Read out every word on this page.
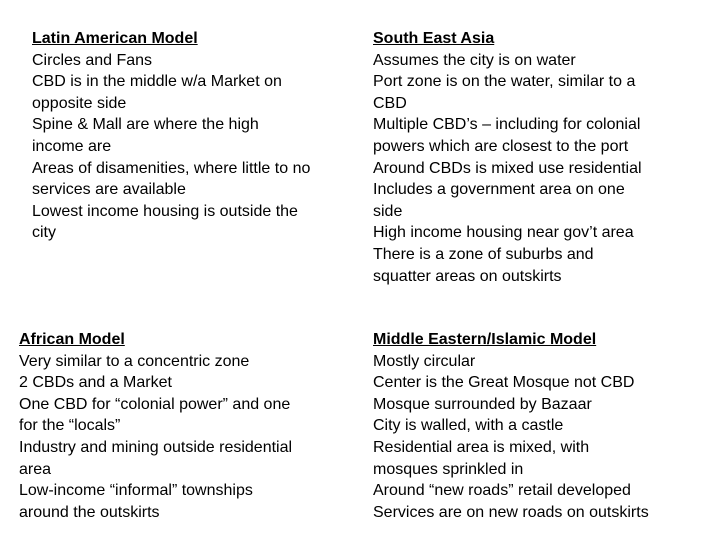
Latin American Model
Circles and Fans
CBD is in the middle w/a Market on
opposite side
Spine & Mall are where the high
income are
Areas of disamenities, where little to no
services are available
Lowest income housing is outside the
city
South East Asia
Assumes the city is on water
Port zone is on the water, similar to a
CBD
Multiple CBD’s – including for colonial
powers which are closest to the port
Around CBDs is mixed use residential
Includes a government area on one
side
High income housing near gov’t area
There is a zone of suburbs and
squatter areas on outskirts
African Model
Very similar to a concentric zone
2 CBDs and a Market
One CBD for “colonial power” and one
for the “locals”
Industry and mining outside residential
area
Low-income “informal” townships
around the outskirts
Middle Eastern/Islamic Model
Mostly circular
Center is the Great Mosque not CBD
Mosque surrounded by Bazaar
City is walled, with a castle
Residential area is mixed, with
mosques sprinkled in
Around “new roads” retail developed
Services are on new roads on outskirts
